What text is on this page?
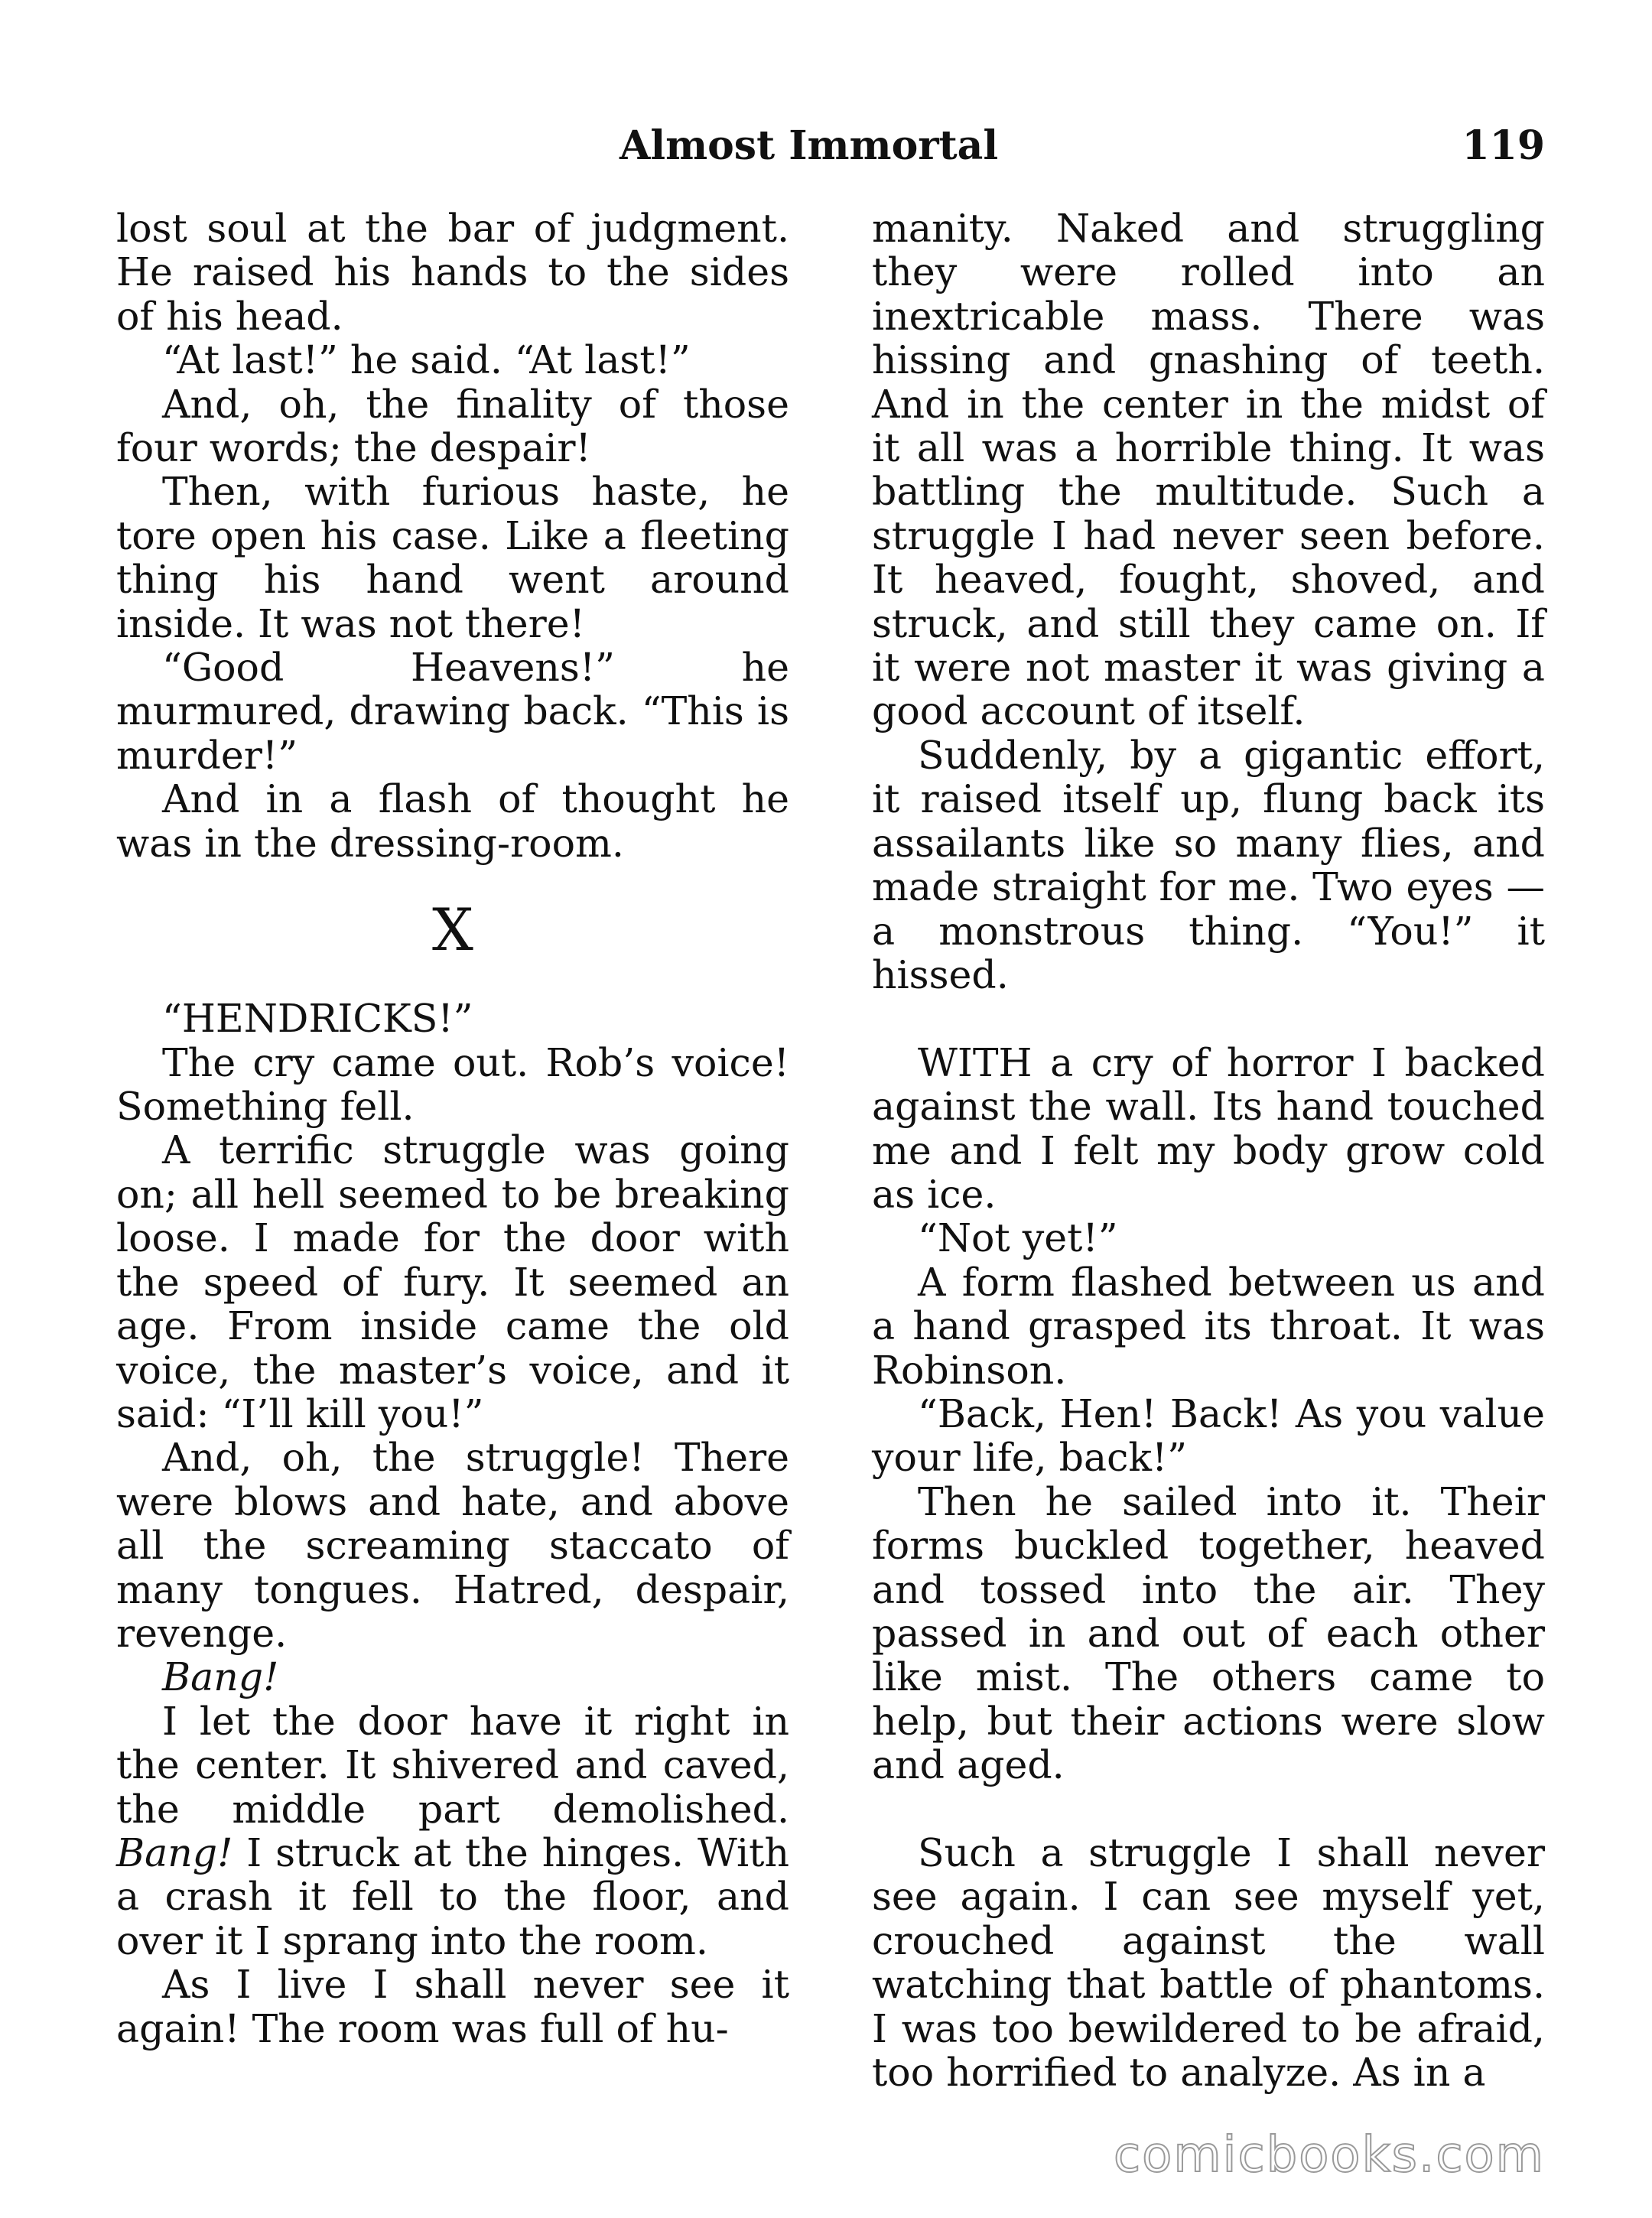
Almost Immortal	119

lost soul at the bar of judgment. He raised his hands to the sides of his head.

“At last!” he said. “At last!”

And, oh, the finality of those four words; the despair!

Then, with furious haste, he tore open his case. Like a fleeting thing his hand went around inside. It was not there!

“Good Heavens!” he murmured, drawing back. “This is murder!”

And in a flash of thought he was in the dressing-room.

X

“HENDRICKS!”

The cry came out. Rob’s voice! Something fell.

A terrific struggle was going on; all hell seemed to be breaking loose. I made for the door with the speed of fury. It seemed an age. From inside came the old voice, the master’s voice, and it said: “I’ll kill you!”

And, oh, the struggle! There were blows and hate, and above all the screaming staccato of many tongues. Hatred, despair, revenge.

Bang!

I let the door have it right in the center. It shivered and caved, the middle part demolished. Bang! I struck at the hinges. With a crash it fell to the floor, and over it I sprang into the room.

As I live I shall never see it again! The room was full of hu-

manity. Naked and struggling they were rolled into an inextricable mass. There was hissing and gnashing of teeth. And in the center in the midst of it all was a horrible thing. It was battling the multitude. Such a struggle I had never seen before. It heaved, fought, shoved, and struck, and still they came on. If it were not master it was giving a good account of itself.

Suddenly, by a gigantic effort, it raised itself up, flung back its assailants like so many flies, and made straight for me. Two eyes — a monstrous thing. “You!” it hissed.

WITH a cry of horror I backed against the wall. Its hand touched me and I felt my body grow cold as ice.

“Not yet!”

A form flashed between us and a hand grasped its throat. It was Robinson.

“Back, Hen! Back! As you value your life, back!”

Then he sailed into it. Their forms buckled together, heaved and tossed into the air. They passed in and out of each other like mist. The others came to help, but their actions were slow and aged.

Such a struggle I shall never see again. I can see myself yet, crouched against the wall watching that battle of phantoms. I was too bewildered to be afraid, too horrified to analyze. As in a

comicbooks.com
